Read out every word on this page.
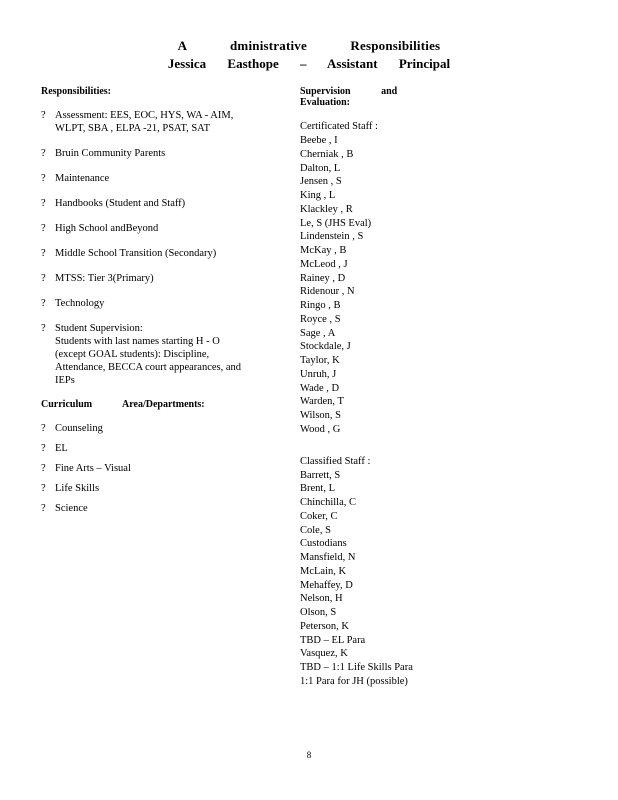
A dministrative Responsibilities
Jessica Easthope – Assistant Principal
Responsibilities:
? Assessment: EES, EOC, HYS, WA - AIM,
WLPT, SBA , ELPA -21, PSAT, SAT
? Bruin Community Parents
? Maintenance
? Handbooks (Student and Staff)
? High School andBeyond
? Middle School Transition (Secondary)
? MTSS: Tier 3(Primary)
? Technology
? Student Supervision:
Students with last names starting H - O
(except GOAL students): Discipline,
Attendance, BECCA court appearances, and
IEPs
Curriculum Area/Departments:
? Counseling
? EL
? Fine Arts – Visual
? Life Skills
? Science
Supervision and Evaluation:
Certificated Staff :
Beebe , I
Cherniak , B
Dalton, L
Jensen , S
King , L
Klackley , R
Le, S (JHS Eval)
Lindenstein , S
McKay , B
McLeod , J
Rainey , D
Ridenour , N
Ringo , B
Royce , S
Sage , A
Stockdale, J
Taylor, K
Unruh, J
Wade , D
Warden, T
Wilson, S
Wood , G
Classified Staff :
Barrett, S
Brent, L
Chinchilla, C
Coker, C
Cole, S
Custodians
Mansfield, N
McLain, K
Mehaffey, D
Nelson, H
Olson, S
Peterson, K
TBD – EL Para
Vasquez, K
TBD – 1:1 Life Skills Para
1:1 Para for JH (possible)
8
